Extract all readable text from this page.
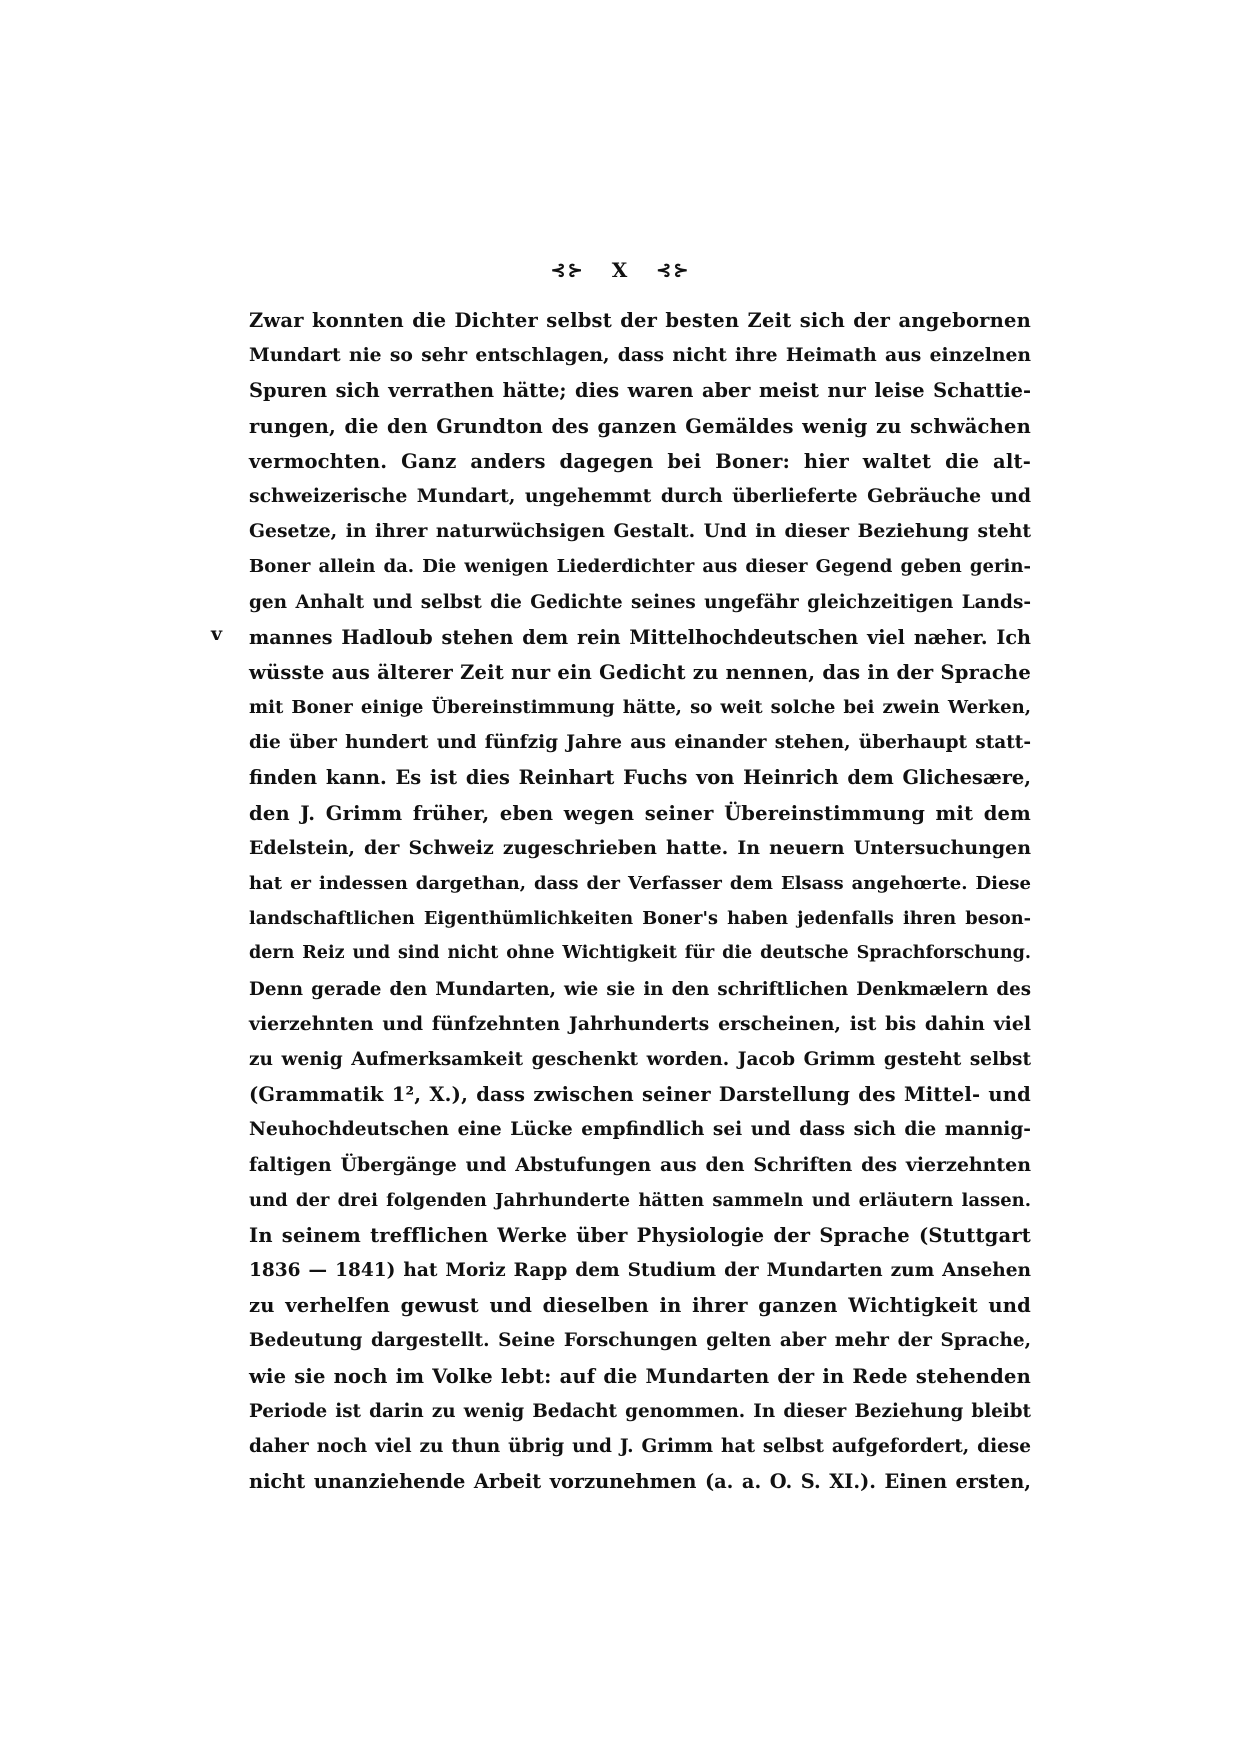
⊰⊱ X ⊰⊱
v
Zwar konnten die Dichter selbst der besten Zeit sich der angebornen
Mundart nie so sehr entschlagen, dass nicht ihre Heimath aus einzelnen
Spuren sich verrathen hätte; dies waren aber meist nur leise Schattie-
rungen, die den Grundton des ganzen Gemäldes wenig zu schwächen
vermochten. Ganz anders dagegen bei Boner: hier waltet die alt-
schweizerische Mundart, ungehemmt durch überlieferte Gebräuche und
Gesetze, in ihrer naturwüchsigen Gestalt. Und in dieser Beziehung steht
Boner allein da. Die wenigen Liederdichter aus dieser Gegend geben gerin-
gen Anhalt und selbst die Gedichte seines ungefähr gleichzeitigen Lands-
mannes Hadloub stehen dem rein Mittelhochdeutschen viel næher. Ich
wüsste aus älterer Zeit nur ein Gedicht zu nennen, das in der Sprache
mit Boner einige Übereinstimmung hätte, so weit solche bei zwein Werken,
die über hundert und fünfzig Jahre aus einander stehen, überhaupt statt-
finden kann. Es ist dies Reinhart Fuchs von Heinrich dem Glichesære,
den J. Grimm früher, eben wegen seiner Übereinstimmung mit dem
Edelstein, der Schweiz zugeschrieben hatte. In neuern Untersuchungen
hat er indessen dargethan, dass der Verfasser dem Elsass angehœrte. Diese
landschaftlichen Eigenthümlichkeiten Boner's haben jedenfalls ihren beson-
dern Reiz und sind nicht ohne Wichtigkeit für die deutsche Sprachforschung.
Denn gerade den Mundarten, wie sie in den schriftlichen Denkmælern des
vierzehnten und fünfzehnten Jahrhunderts erscheinen, ist bis dahin viel
zu wenig Aufmerksamkeit geschenkt worden. Jacob Grimm gesteht selbst
(Grammatik 1², X.), dass zwischen seiner Darstellung des Mittel- und
Neuhochdeutschen eine Lücke empfindlich sei und dass sich die mannig-
faltigen Übergänge und Abstufungen aus den Schriften des vierzehnten
und der drei folgenden Jahrhunderte hätten sammeln und erläutern lassen.
In seinem trefflichen Werke über Physiologie der Sprache (Stuttgart
1836 — 1841) hat Moriz Rapp dem Studium der Mundarten zum Ansehen
zu verhelfen gewust und dieselben in ihrer ganzen Wichtigkeit und
Bedeutung dargestellt. Seine Forschungen gelten aber mehr der Sprache,
wie sie noch im Volke lebt: auf die Mundarten der in Rede stehenden
Periode ist darin zu wenig Bedacht genommen. In dieser Beziehung bleibt
daher noch viel zu thun übrig und J. Grimm hat selbst aufgefordert, diese
nicht unanziehende Arbeit vorzunehmen (a. a. O. S. XI.). Einen ersten,
